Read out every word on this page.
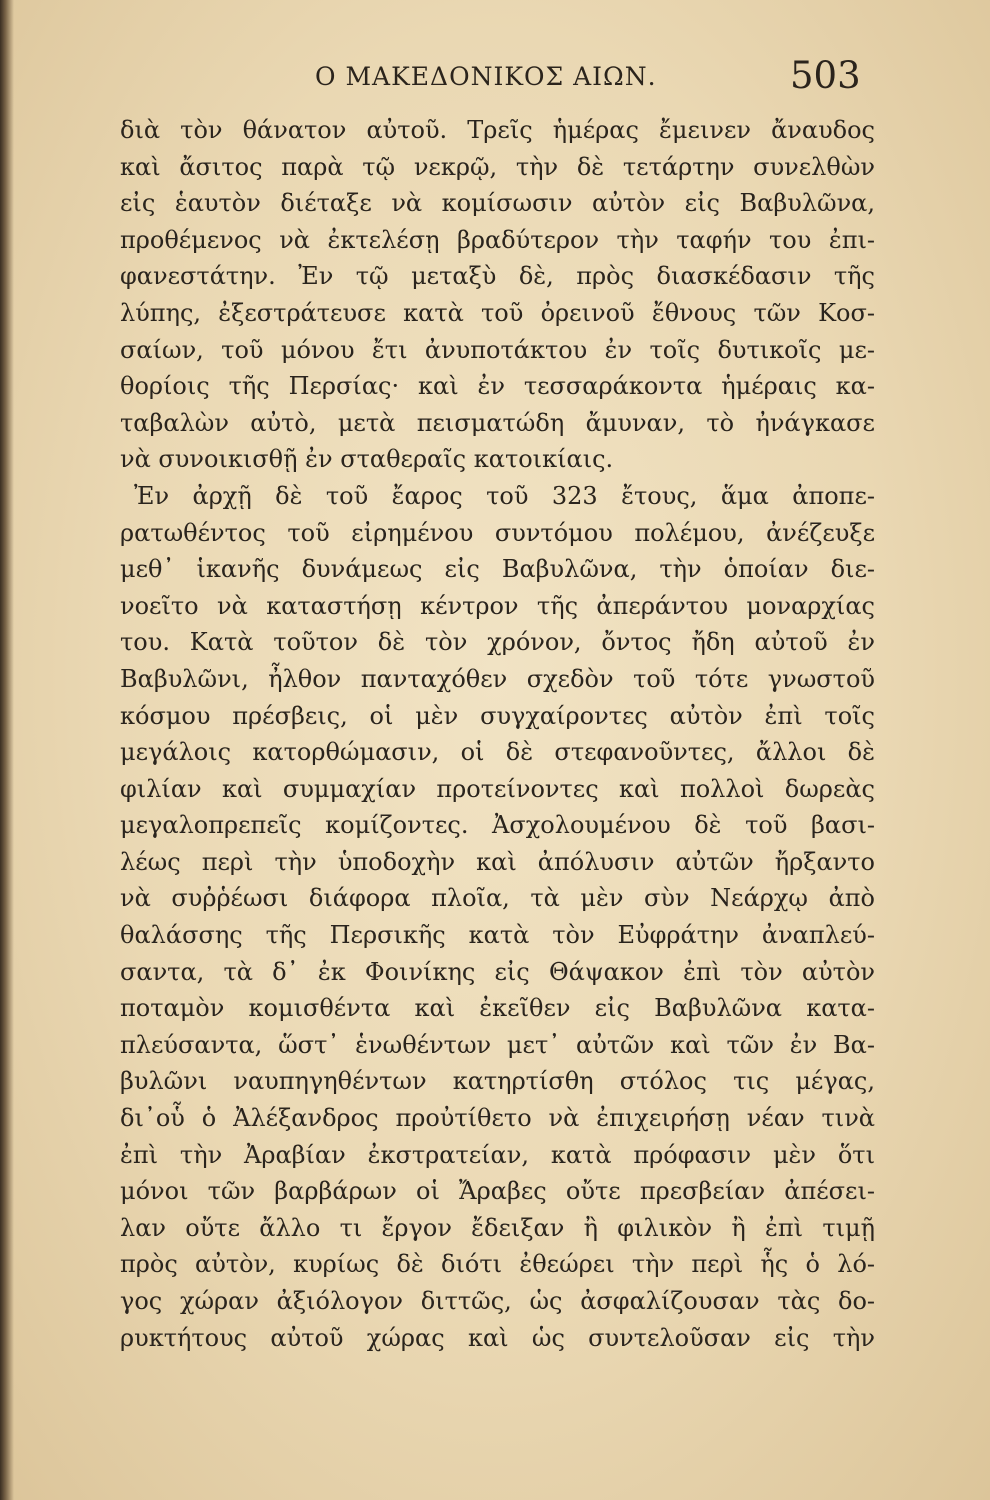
Ο ΜΑΚΕΔΟΝΙΚΟΣ ΑΙΩΝ.	503
διὰ τὸν θάνατον αὐτοῦ. Τρεῖς ἡμέρας ἔμεινεν ἄναυδος
καὶ ἄσιτος παρὰ τῷ νεκρῷ, τὴν δὲ τετάρτην συνελθὼν
εἰς ἑαυτὸν διέταξε νὰ κομίσωσιν αὐτὸν εἰς Βαβυλῶνα,
προθέμενος νὰ ἐκτελέσῃ βραδύτερον τὴν ταφήν του ἐπι-
φανεστάτην. Ἐν τῷ μεταξὺ δὲ, πρὸς διασκέδασιν τῆς
λύπης, ἐξεστράτευσε κατὰ τοῦ ὀρεινοῦ ἔθνους τῶν Κοσ-
σαίων, τοῦ μόνου ἔτι ἀνυποτάκτου ἐν τοῖς δυτικοῖς με-
θορίοις τῆς Περσίας· καὶ ἐν τεσσαράκοντα ἡμέραις κα-
ταβαλὼν αὐτὸ, μετὰ πεισματώδη ἄμυναν, τὸ ἠνάγκασε
νὰ συνοικισθῇ ἐν σταθεραῖς κατοικίαις.
Ἐν ἀρχῇ δὲ τοῦ ἔαρος τοῦ 323 ἔτους, ἅμα ἀποπε-
ρατωθέντος τοῦ εἰρημένου συντόμου πολέμου, ἀνέζευξε
μεθ᾽ ἱκανῆς δυνάμεως εἰς Βαβυλῶνα, τὴν ὁποίαν διε-
νοεῖτο νὰ καταστήσῃ κέντρον τῆς ἀπεράντου μοναρχίας
του. Κατὰ τοῦτον δὲ τὸν χρόνον, ὄντος ἤδη αὐτοῦ ἐν
Βαβυλῶνι, ἦλθον πανταχόθεν σχεδὸν τοῦ τότε γνωστοῦ
κόσμου πρέσβεις, οἱ μὲν συγχαίροντες αὐτὸν ἐπὶ τοῖς
μεγάλοις κατορθώμασιν, οἱ δὲ στεφανοῦντες, ἄλλοι δὲ
φιλίαν καὶ συμμαχίαν προτείνοντες καὶ πολλοὶ δωρεὰς
μεγαλοπρεπεῖς κομίζοντες. Ἀσχολουμένου δὲ τοῦ βασι-
λέως περὶ τὴν ὑποδοχὴν καὶ ἀπόλυσιν αὐτῶν ἤρξαντο
νὰ συῤῥέωσι διάφορα πλοῖα, τὰ μὲν σὺν Νεάρχῳ ἀπὸ
θαλάσσης τῆς Περσικῆς κατὰ τὸν Εὐφράτην ἀναπλεύ-
σαντα, τὰ δ᾽ ἐκ Φοινίκης εἰς Θάψακον ἐπὶ τὸν αὐτὸν
ποταμὸν κομισθέντα καὶ ἐκεῖθεν εἰς Βαβυλῶνα κατα-
πλεύσαντα, ὥστ᾽ ἑνωθέντων μετ᾽ αὐτῶν καὶ τῶν ἐν Βα-
βυλῶνι ναυπηγηθέντων κατηρτίσθη στόλος τις μέγας,
δι᾽οὗ ὁ Ἀλέξανδρος προὐτίθετο νὰ ἐπιχειρήσῃ νέαν τινὰ
ἐπὶ τὴν Ἀραβίαν ἐκστρατείαν, κατὰ πρόφασιν μὲν ὅτι
μόνοι τῶν βαρβάρων οἱ Ἄραβες οὔτε πρεσβείαν ἀπέσει-
λαν οὔτε ἄλλο τι ἔργον ἔδειξαν ἢ φιλικὸν ἢ ἐπὶ τιμῇ
πρὸς αὐτὸν, κυρίως δὲ διότι ἐθεώρει τὴν περὶ ἧς ὁ λό-
γος χώραν ἀξιόλογον διττῶς, ὡς ἀσφαλίζουσαν τὰς δο-
ρυκτήτους αὐτοῦ χώρας καὶ ὡς συντελοῦσαν εἰς τὴν
